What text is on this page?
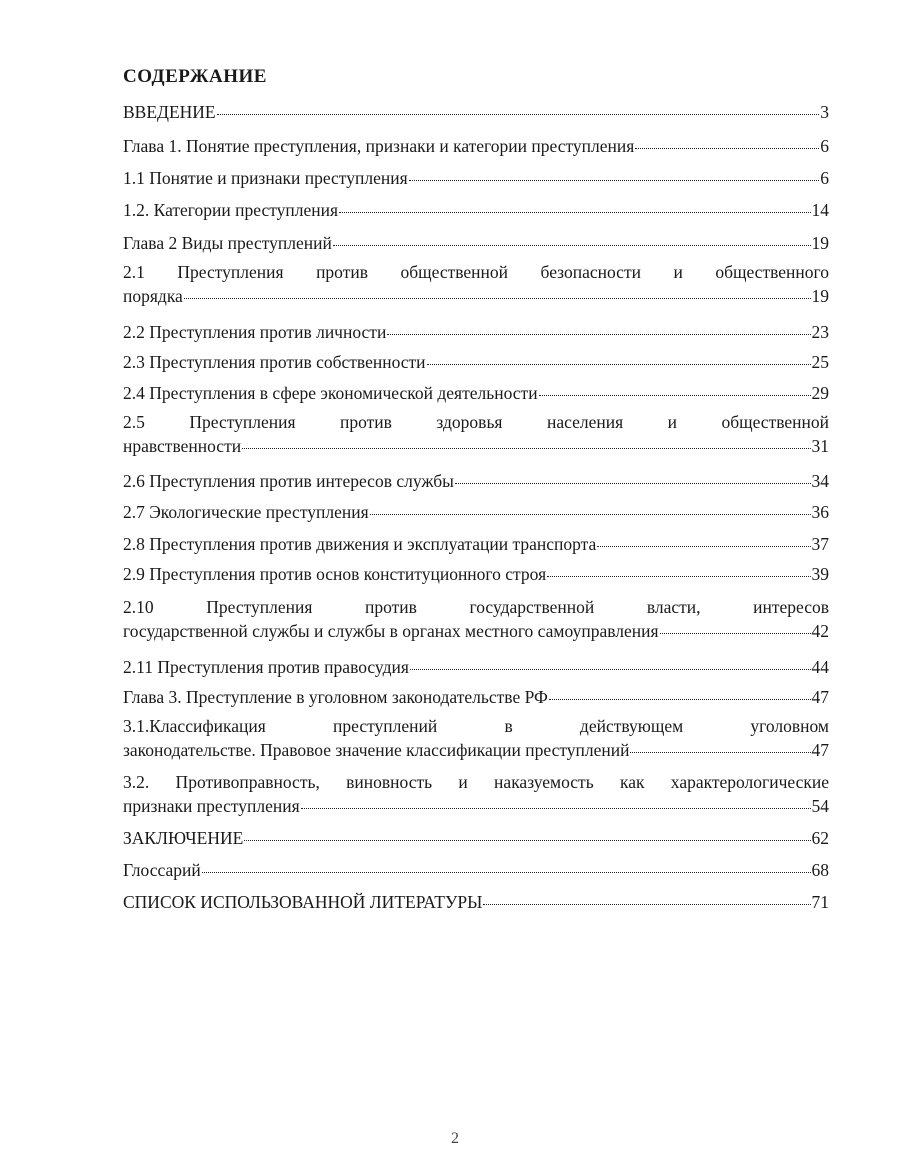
СОДЕРЖАНИЕ
ВВЕДЕНИЕ	3
Глава 1. Понятие преступления, признаки и категории преступления	6
1.1 Понятие и признаки преступления	6
1.2. Категории преступления	14
Глава 2 Виды преступлений	19
2.1 Преступления против общественной безопасности и общественного
порядка	19
2.2 Преступления против личности	23
2.3 Преступления против собственности	25
2.4 Преступления в сфере экономической деятельности	29
2.5 Преступления против здоровья населения и общественной
нравственности	31
2.6 Преступления против интересов службы	34
2.7 Экологические преступления	36
2.8 Преступления против движения и эксплуатации транспорта	37
2.9 Преступления против основ конституционного строя	39
2.10 Преступления против государственной власти, интересов
государственной службы и службы в органах местного самоуправления	42
2.11 Преступления против правосудия	44
Глава 3. Преступление в уголовном законодательстве РФ	47
3.1.Классификация преступлений в действующем уголовном
законодательстве. Правовое значение классификации преступлений	47
3.2. Противоправность, виновность и наказуемость как характерологические
признаки преступления	54
ЗАКЛЮЧЕНИЕ	62
Глоссарий	68
СПИСОК ИСПОЛЬЗОВАННОЙ ЛИТЕРАТУРЫ	71
2
